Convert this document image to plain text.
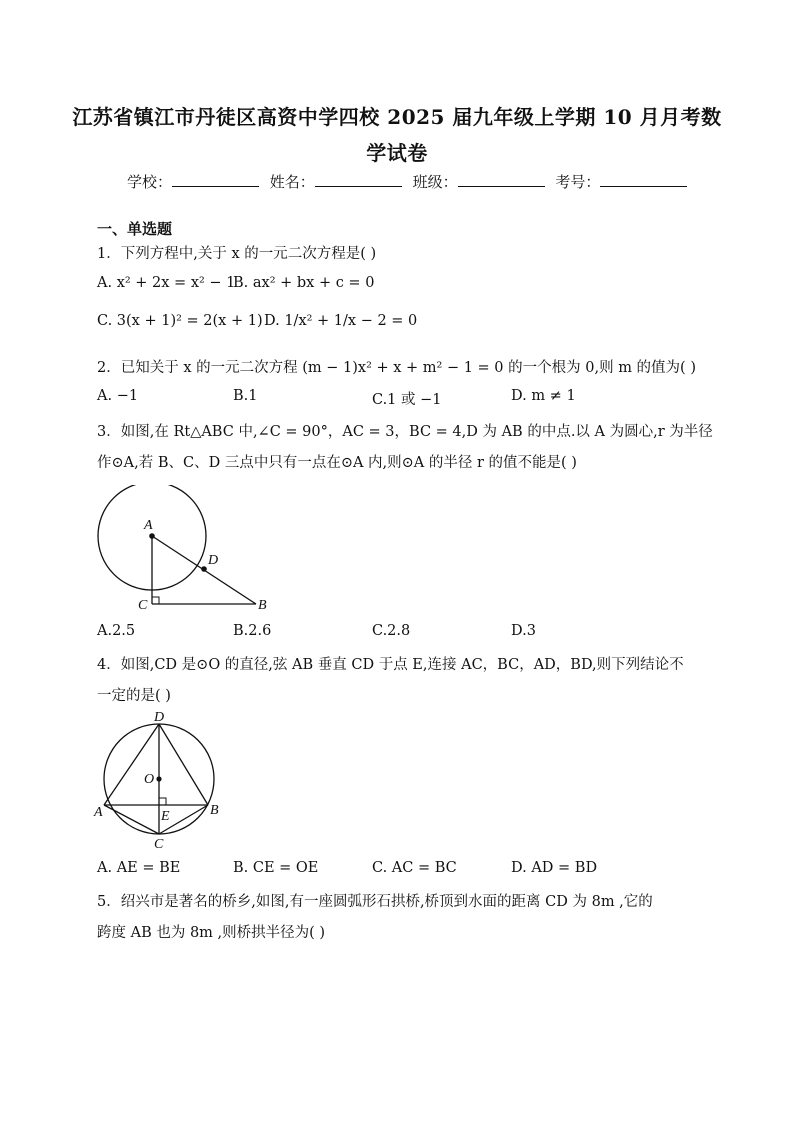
江苏省镇江市丹徒区高资中学四校 2025 届九年级上学期 10 月月考数
学试卷
学校：	姓名：	班级：	考号：
一、单选题
1．下列方程中,关于 x 的一元二次方程是( )
A. x² + 2x = x² − 1
B. ax² + bx + c = 0
C. 3(x + 1)² = 2(x + 1) D. 1/x² + 1/x − 2 = 0
2．已知关于 x 的一元二次方程 (m − 1)x² + x + m² − 1 = 0 的一个根为 0,则 m 的值为( )
A. −1	B.1	C.1 或 −1	D. m ≠ 1
3．如图,在 Rt△ABC 中,∠C = 90°，AC = 3，BC = 4,D 为 AB 的中点.以 A 为圆心,r 为半径
作⊙A,若 B、C、D 三点中只有一点在⊙A 内,则⊙A 的半径 r 的值不能是( )
A
D
C	B
A.2.5	B.2.6	C.2.8	D.3
4．如图,CD 是⊙O 的直径,弦 AB 垂直 CD 于点 E,连接 AC，BC，AD，BD,则下列结论不
一定的是( )
D
O
A	B
E
C
A. AE = BE	B. CE = OE	C. AC = BC	D. AD = BD
5．绍兴市是著名的桥乡,如图,有一座圆弧形石拱桥,桥顶到水面的距离 CD 为 8m ,它的
跨度 AB 也为 8m ,则桥拱半径为( )
